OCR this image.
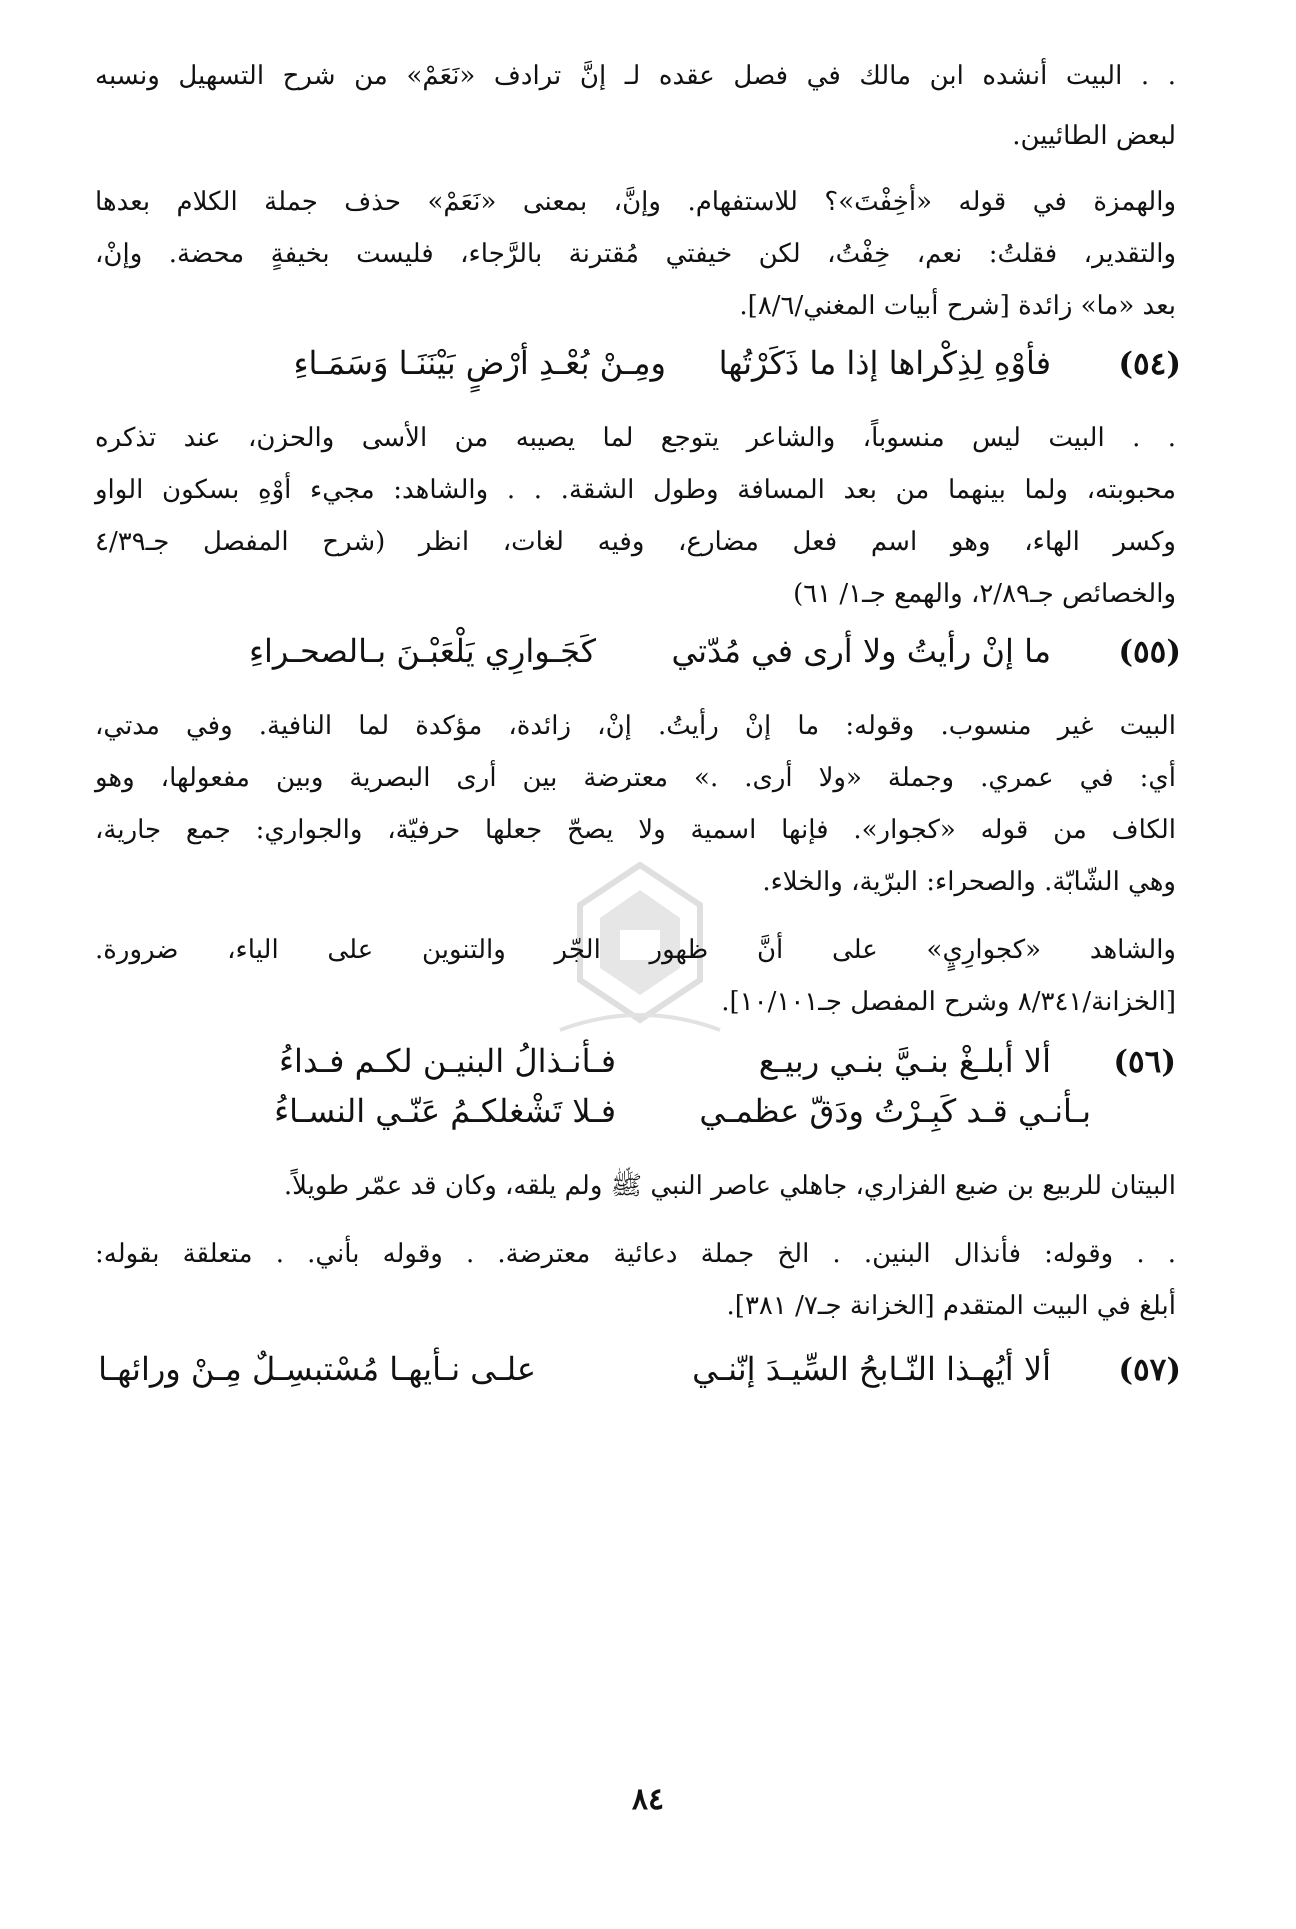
. . البيت أنشده ابن مالك في فصل عقده لـ إنَّ ترادف «نَعَمْ» من شرح التسهيل ونسبه
لبعض الطائيين.
والهمزة في قوله «أخِفْتَ»؟ للاستفهام. وإنَّ، بمعنى «نَعَمْ» حذف جملة الكلام بعدها
والتقدير، فقلتُ: نعم، خِفْتُ، لكن خيفتي مُقترنة بالرَّجاء، فليست بخيفةٍ محضة. وإنْ،
بعد «ما» زائدة [شرح أبيات المغني/٨/٦].
(٥٤)
فأوْهِ لِذِكْراها إذا ما ذَكَرْتُها
ومِـنْ بُعْـدِ أرْضٍ بَيْنَنَـا وَسَمَـاءِ
. . البيت ليس منسوباً، والشاعر يتوجع لما يصيبه من الأسى والحزن، عند تذكره
محبوبته، ولما بينهما من بعد المسافة وطول الشقة. . . والشاهد: مجيء أوْهِ بسكون الواو
وكسر الهاء، وهو اسم فعل مضارع، وفيه لغات، انظر (شرح المفصل جـ٤/٣٩
والخصائص جـ٢/٨٩، والهمع جـ١/ ٦١)
(٥٥)
ما إنْ رأيتُ ولا أرى في مُدّتي
كَجَـوارِي يَلْعَبْـنَ بـالصحـراءِ
البيت غير منسوب. وقوله: ما إنْ رأيتُ. إنْ، زائدة، مؤكدة لما النافية. وفي مدتي،
أي: في عمري. وجملة «ولا أرى. .» معترضة بين أرى البصرية وبين مفعولها، وهو
الكاف من قوله «كجوار». فإنها اسمية ولا يصحّ جعلها حرفيّة، والجواري: جمع جارية،
وهي الشّابّة. والصحراء: البرّية، والخلاء.
والشاهد «كجوارِيٍ» على أنَّ ظهور الجّر والتنوين على الياء، ضرورة.
[الخزانة/٨/٣٤١ وشرح المفصل جـ١٠/١٠١].
(٥٦)
ألا أبلـغْ بنـيَّ بنـي ربيـع
فـأنـذالُ البنيـن لكـم فـداءُ
بـأنـي قـد كَبِـرْتُ ودَقّ عظمـي
فـلا تَشْغلكـمُ عَنّـي النسـاءُ
البيتان للربيع بن ضبع الفزاري، جاهلي عاصر النبي ﷺ ولم يلقه، وكان قد عمّر طويلاً.
. . وقوله: فأنذال البنين. . الخ جملة دعائية معترضة. . وقوله بأني. . متعلقة بقوله:
أبلغ في البيت المتقدم [الخزانة جـ٧/ ٣٨١].
(٥٧)
ألا أيُهـذا النّـابحُ السِّيـدَ إنّنـي
علـى نـأيهـا مُسْتبسِـلٌ مِـنْ ورائهـا
٨٤
